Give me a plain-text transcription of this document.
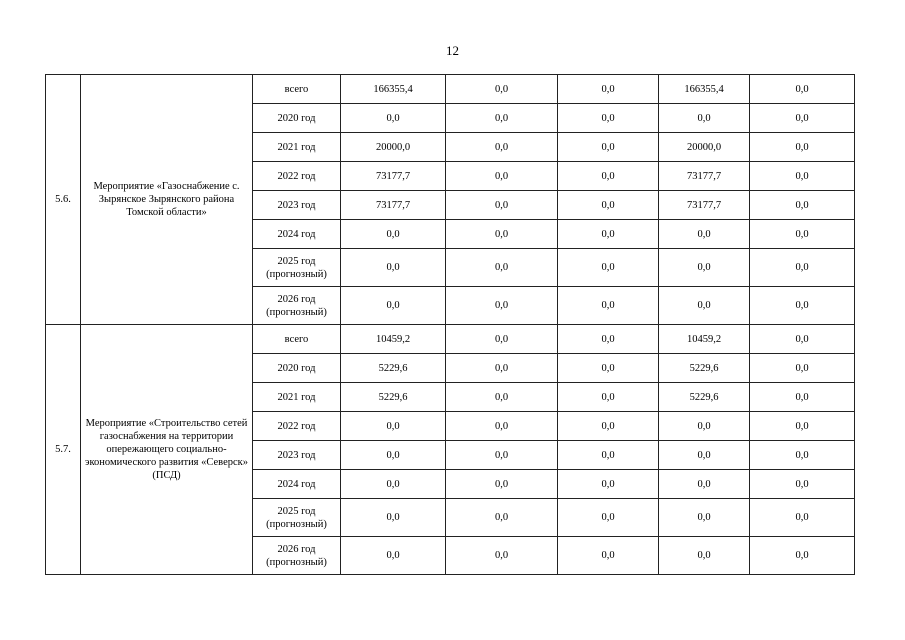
12
5.6.	Мероприятие «Газоснабжение с. Зырянское Зырянского района Томской области»	всего	166355,4	0,0	0,0	166355,4	0,0
		2020 год	0,0	0,0	0,0	0,0	0,0
		2021 год	20000,0	0,0	0,0	20000,0	0,0
		2022 год	73177,7	0,0	0,0	73177,7	0,0
		2023 год	73177,7	0,0	0,0	73177,7	0,0
		2024 год	0,0	0,0	0,0	0,0	0,0
		2025 год (прогнозный)	0,0	0,0	0,0	0,0	0,0
		2026 год (прогнозный)	0,0	0,0	0,0	0,0	0,0
5.7.	Мероприятие «Строительство сетей газоснабжения на территории опережающего социально-экономического развития «Северск» (ПСД)	всего	10459,2	0,0	0,0	10459,2	0,0
		2020 год	5229,6	0,0	0,0	5229,6	0,0
		2021 год	5229,6	0,0	0,0	5229,6	0,0
		2022 год	0,0	0,0	0,0	0,0	0,0
		2023 год	0,0	0,0	0,0	0,0	0,0
		2024 год	0,0	0,0	0,0	0,0	0,0
		2025 год (прогнозный)	0,0	0,0	0,0	0,0	0,0
		2026 год (прогнозный)	0,0	0,0	0,0	0,0	0,0
